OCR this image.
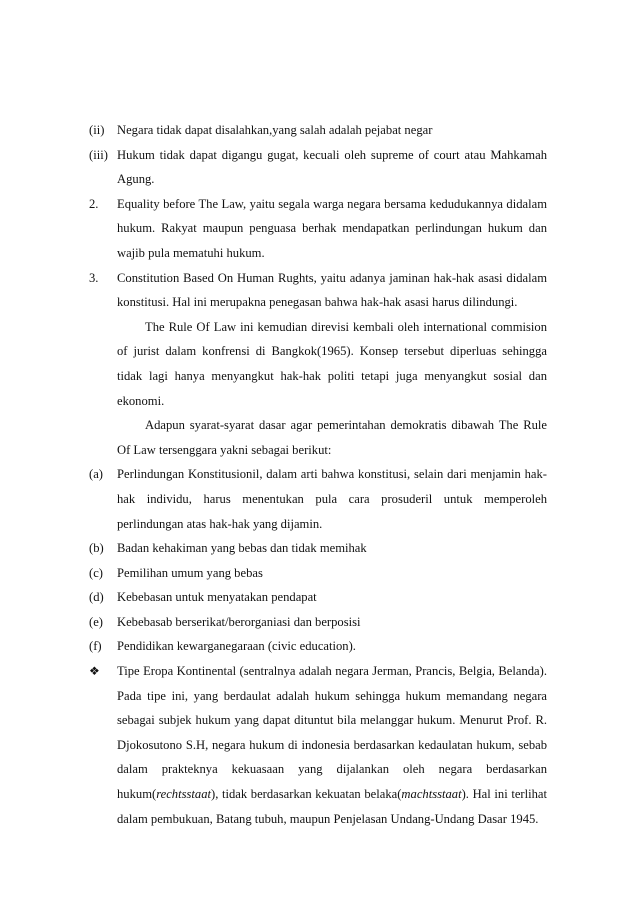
(ii)	Negara tidak dapat disalahkan,yang salah adalah pejabat negar
(iii) Hukum tidak dapat digangu gugat, kecuali oleh supreme of court atau Mahkamah Agung.
2.	Equality before The Law, yaitu segala warga negara bersama kedudukannya didalam hukum. Rakyat maupun penguasa berhak mendapatkan perlindungan hukum dan wajib pula mematuhi hukum.
3.	Constitution Based On Human Rughts, yaitu adanya jaminan hak-hak asasi didalam konstitusi. Hal ini merupakna penegasan bahwa hak-hak asasi harus dilindungi.

The Rule Of Law ini kemudian direvisi kembali oleh international commision of jurist dalam konfrensi di Bangkok(1965). Konsep tersebut diperluas sehingga tidak lagi hanya menyangkut hak-hak politi tetapi juga menyangkut sosial dan ekonomi.

Adapun syarat-syarat dasar agar pemerintahan demokratis dibawah The Rule Of Law tersenggara yakni sebagai berikut:

(a)	Perlindungan Konstitusionil, dalam arti bahwa konstitusi, selain dari menjamin hak-hak individu, harus menentukan pula cara prosuderil untuk memperoleh perlindungan atas hak-hak yang dijamin.
(b)	Badan kehakiman yang bebas dan tidak memihak
(c)	Pemilihan umum yang bebas
(d)	Kebebasan untuk menyatakan pendapat
(e)	Kebebasab berserikat/berorganiasi dan berposisi
(f)	Pendidikan kewarganegaraan (civic education).
❖	Tipe Eropa Kontinental (sentralnya adalah negara Jerman, Prancis, Belgia, Belanda). Pada tipe ini, yang berdaulat adalah hukum sehingga hukum memandang negara sebagai subjek hukum yang dapat dituntut bila melanggar hukum. Menurut Prof. R. Djokosutono S.H, negara hukum di indonesia berdasarkan kedaulatan hukum, sebab dalam prakteknya kekuasaan yang dijalankan oleh negara berdasarkan hukum(rechtsstaat), tidak berdasarkan kekuatan belaka(machtsstaat). Hal ini terlihat dalam pembukuan, Batang tubuh, maupun Penjelasan Undang-Undang Dasar 1945.
